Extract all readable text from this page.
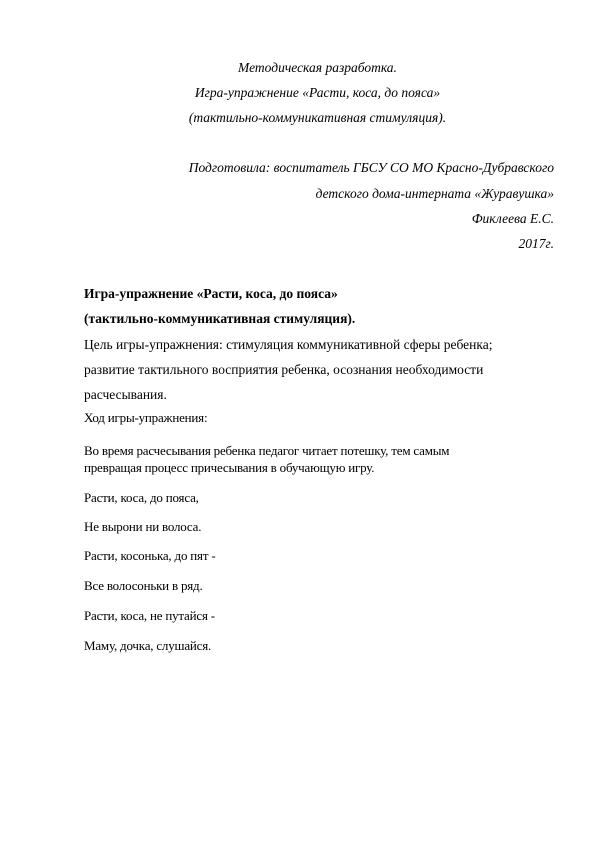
Методическая разработка.
Игра-упражнение «Расти, коса, до пояса»
(тактильно-коммуникативная стимуляция).
Подготовила: воспитатель ГБСУ СО МО Красно-Дубравского
детского дома-интерната «Журавушка»
Фиклеева Е.С.
2017г.
Игра-упражнение «Расти, коса, до пояса»
(тактильно-коммуникативная стимуляция).
Цель игры-упражнения: стимуляция коммуникативной сферы ребенка;
развитие тактильного восприятия ребенка, осознания необходимости
расчесывания.
Ход игры-упражнения:
Во время расчесывания ребенка педагог читает потешку, тем самым
превращая процесс причесывания в обучающую игру.
Расти, коса, до пояса,
Не вырони ни волоса.
Расти, косонька, до пят -
Все волосоньки в ряд.
Расти, коса, не путайся -
Маму, дочка, слушайся.
